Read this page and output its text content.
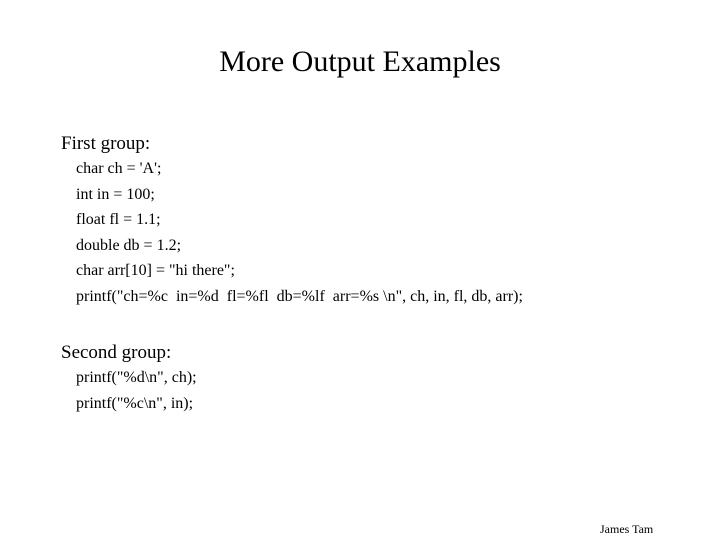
More Output Examples
First group:
char ch = 'A';
int in = 100;
float fl = 1.1;
double db = 1.2;
char arr[10] = "hi there";
printf("ch=%c  in=%d  fl=%fl  db=%lf  arr=%s \n", ch, in, fl, db, arr);
Second group:
printf("%d\n", ch);
printf("%c\n", in);
James Tam
